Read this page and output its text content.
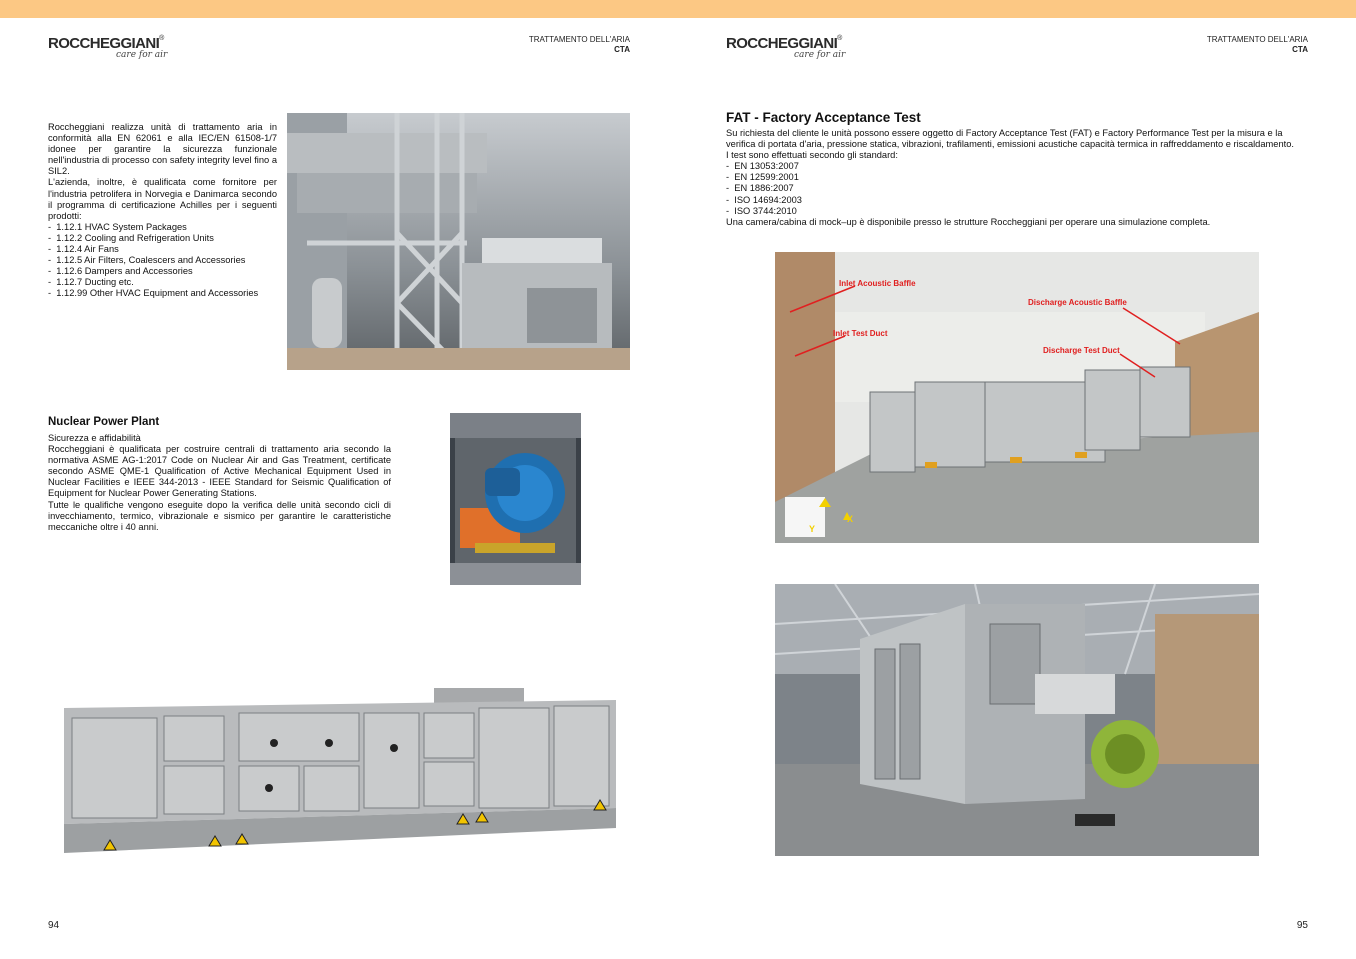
ROCCHEGGIANI®
care for air
TRATTAMENTO DELL'ARIA
CTA

Roccheggiani realizza unità di trattamento aria in conformità alla EN 62061 e alla IEC/EN 61508-1/7 idonee per garantire la sicurezza funzionale nell'industria di processo con safety integrity level fino a SIL2.

L'azienda, inoltre, è qualificata come fornitore per l'industria petrolifera in Norvegia e Danimarca secondo il programma di certificazione Achilles per i seguenti prodotti:

- 1.12.1 HVAC System Packages
- 1.12.2 Cooling and Refrigeration Units
- 1.12.4 Air Fans
- 1.12.5 Air Filters, Coalescers and Accessories
- 1.12.6 Dampers and Accessories
- 1.12.7 Ducting etc.
- 1.12.99 Other HVAC Equipment and Accessories
Nuclear Power Plant

Sicurezza e affidabilità

Roccheggiani è qualificata per costruire centrali di trattamento aria secondo la normativa ASME AG-1:2017 Code on Nuclear Air and Gas Treatment, certificate secondo ASME QME-1 Qualification of Active Mechanical Equipment Used in Nuclear Facilities e IEEE 344-2013 - IEEE Standard for Seismic Qualification of Equipment for Nuclear Power Generating Stations.

Tutte le qualifiche vengono eseguite dopo la verifica delle unità secondo cicli di invecchiamento, termico, vibrazionale e sismico per garantire le caratteristiche meccaniche oltre i 40 anni.

94
ROCCHEGGIANI®
care for air
TRATTAMENTO DELL'ARIA
CTA
FAT - Factory Acceptance Test

Su richiesta del cliente le unità possono essere oggetto di Factory Acceptance Test (FAT) e Factory Performance Test per la misura e la verifica di portata d'aria, pressione statica, vibrazioni, trafilamenti, emissioni acustiche capacità termica in raffreddamento e riscaldamento.

I test sono effettuati secondo gli standard:

- EN 13053:2007
- EN 12599:2001
- EN 1886:2007
- ISO 14694:2003
- ISO 3744:2010

Una camera/cabina di mock–up è disponibile presso le strutture Roccheggiani per operare una simulazione completa.

Inlet Acoustic Baffle
Inlet Test Duct
Discharge Acoustic Baffle
Discharge Test Duct
Y
X
95
